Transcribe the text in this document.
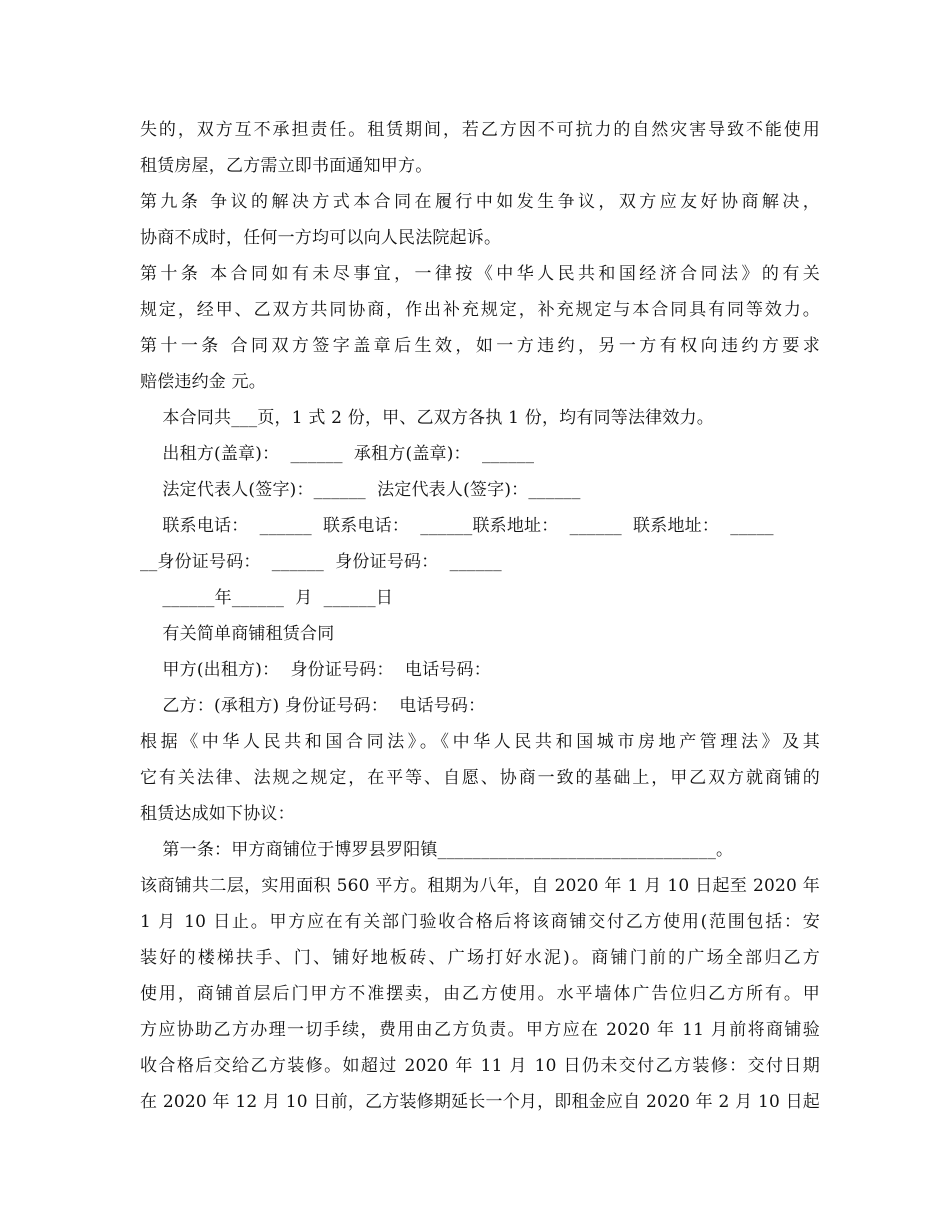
失的，双方互不承担责任。租赁期间，若乙方因不可抗力的自然灾害导致不能使用
租赁房屋，乙方需立即书面通知甲方。
第九条 争议的解决方式本合同在履行中如发生争议，双方应友好协商解决，
协商不成时，任何一方均可以向人民法院起诉。
第十条 本合同如有未尽事宜，一律按《中华人民共和国经济合同法》的有关
规定，经甲、乙双方共同协商，作出补充规定，补充规定与本合同具有同等效力。
第十一条 合同双方签字盖章后生效，如一方违约，另一方有权向违约方要求
赔偿违约金 元。
本合同共___页，1 式 2 份，甲、乙双方各执 1 份，均有同等法律效力。
出租方(盖章)：  ______  承租方(盖章)：  ______
法定代表人(签字)：______  法定代表人(签字)：______
联系电话：  ______  联系电话：  ______联系地址：  ______  联系地址：  _____
__身份证号码：  ______  身份证号码：  ______
______年______  月  ______日
有关简单商铺租赁合同
甲方(出租方)：  身份证号码：  电话号码：
乙方：(承租方) 身份证号码：  电话号码：
根据《中华人民共和国合同法》。《中华人民共和国城市房地产管理法》及其
它有关法律、法规之规定，在平等、自愿、协商一致的基础上，甲乙双方就商铺的
租赁达成如下协议：
第一条：甲方商铺位于博罗县罗阳镇________________________________。
该商铺共二层，实用面积 560 平方。租期为八年，自 2020 年 1 月 10 日起至 2020 年
1 月 10 日止。甲方应在有关部门验收合格后将该商铺交付乙方使用(范围包括：安
装好的楼梯扶手、门、铺好地板砖、广场打好水泥)。商铺门前的广场全部归乙方
使用，商铺首层后门甲方不准摆卖，由乙方使用。水平墙体广告位归乙方所有。甲
方应协助乙方办理一切手续，费用由乙方负责。甲方应在 2020 年 11 月前将商铺验
收合格后交给乙方装修。如超过 2020 年 11 月 10 日仍未交付乙方装修：交付日期
在 2020 年 12 月 10 日前，乙方装修期延长一个月，即租金应自 2020 年 2 月 10 日起
